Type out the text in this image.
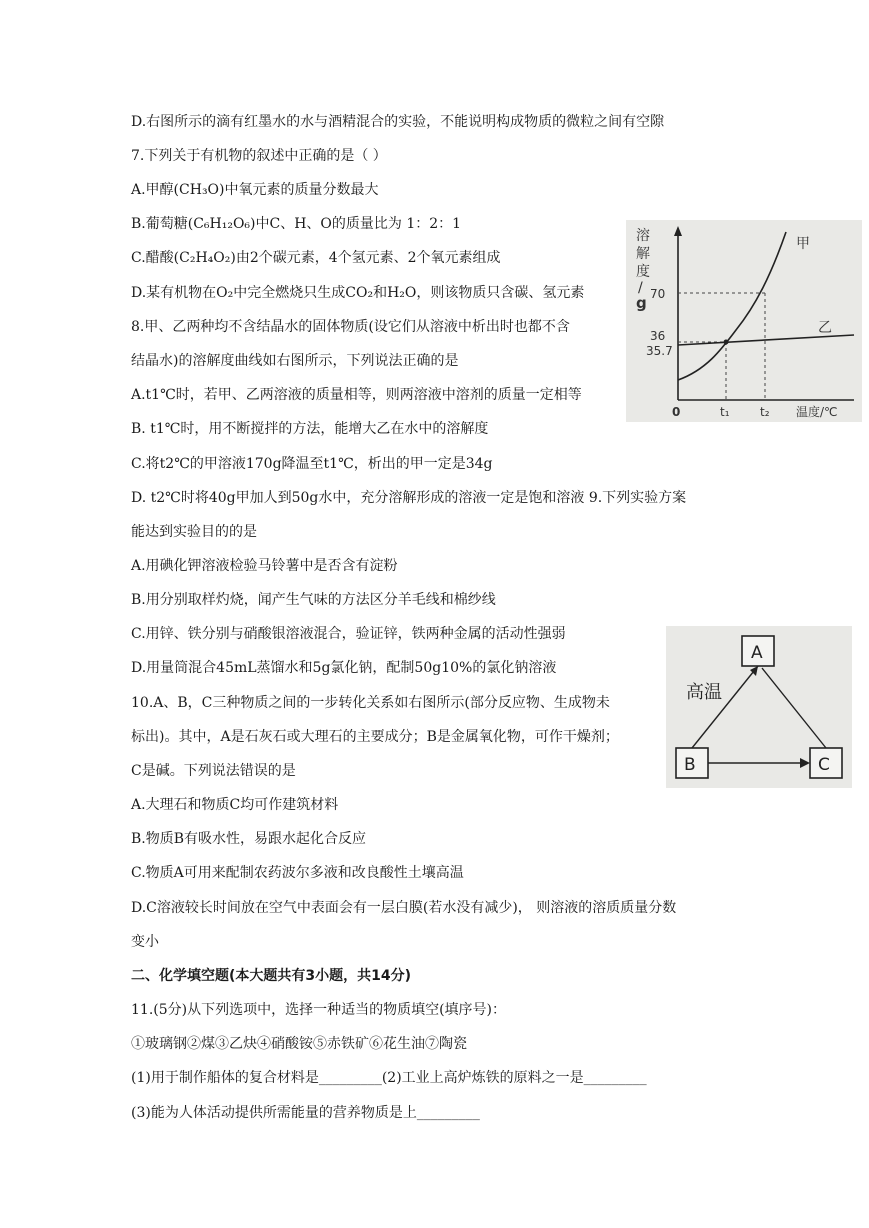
D.右图所示的滴有红墨水的水与酒精混合的实验，不能说明构成物质的微粒之间有空隙
7.下列关于有机物的叙述中正确的是（ ）
A.甲醇(CH₃O)中氧元素的质量分数最大
B.葡萄糖(C₆H₁₂O₆)中C、H、O的质量比为 1：2：1
C.醋酸(C₂H₄O₂)由2个碳元素，4个氢元素、2个氧元素组成
D.某有机物在O₂中完全燃烧只生成CO₂和H₂O，则该物质只含碳、氢元素
8.甲、乙两种均不含结晶水的固体物质(设它们从溶液中析出时也都不含
结晶水)的溶解度曲线如右图所示，下列说法正确的是
A.t1℃时，若甲、乙两溶液的质量相等，则两溶液中溶剂的质量一定相等
B. t1℃时，用不断搅拌的方法，能增大乙在水中的溶解度
C.将t2℃的甲溶液170g降温至t1℃，析出的甲一定是34g
D. t2℃时将40g甲加人到50g水中，充分溶解形成的溶液一定是饱和溶液 9.下列实验方案
能达到实验目的的是
A.用碘化钾溶液检验马铃薯中是否含有淀粉
B.用分别取样灼烧，闻产生气味的方法区分羊毛线和棉纱线
C.用锌、铁分别与硝酸银溶液混合，验证锌，铁两种金属的活动性强弱
D.用量筒混合45mL蒸馏水和5g氯化钠，配制50g10%的氯化钠溶液
10.A、B，C三种物质之间的一步转化关系如右图所示(部分反应物、生成物未
标出)。其中，A是石灰石或大理石的主要成分；B是金属氧化物，可作干燥剂；
C是碱。下列说法错误的是
A.大理石和物质C均可作建筑材料
B.物质B有吸水性，易跟水起化合反应
C.物质A可用来配制农药波尔多液和改良酸性土壤高温
D.C溶液较长时间放在空气中表面会有一层白膜(若水没有减少)， 则溶液的溶质质量分数
变小
二、化学填空题(本大题共有3小题，共14分)
11.(5分)从下列选项中，选择一种适当的物质填空(填序号)：
①玻璃钢②煤③乙炔④硝酸铵⑤赤铁矿⑥花生油⑦陶瓷
(1)用于制作船体的复合材料是_________(2)工业上高炉炼铁的原料之一是_________
(3)能为人体活动提供所需能量的营养物质是上_________
溶
解
度
/
g 70
36
35.7
甲
乙
0	t₁	t₂ 温度/℃
A
B	C
高温
